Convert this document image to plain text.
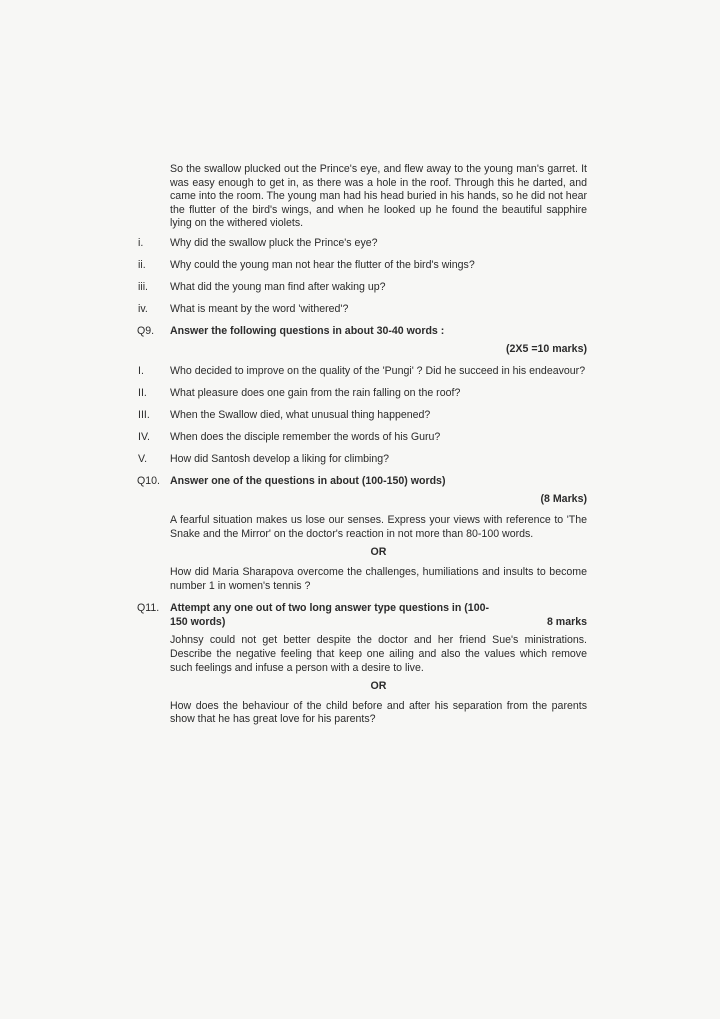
So the swallow plucked out the Prince's eye, and flew away to the young man's garret. It was easy enough to get in, as there was a hole in the roof. Through this he darted, and came into the room. The young man had his head buried in his hands, so he did not hear the flutter of the bird's wings, and when he looked up he found the beautiful sapphire lying on the withered violets.

i.	Why did the swallow pluck the Prince's eye?
ii.	Why could the young man not hear the flutter of the bird's wings?
iii.	What did the young man find after waking up?
iv.	What is meant by the word 'withered'?
Q9.	Answer the following questions in about 30-40 words :
(2X5 =10 marks)
I.	Who decided to improve on the quality of the 'Pungi' ? Did he succeed in his endeavour?
II.	What pleasure does one gain from the rain falling on the roof?
III.	When the Swallow died, what unusual thing happened?
IV.	When does the disciple remember the words of his Guru?
V.	How did Santosh develop a liking for climbing?
Q10. Answer one of the questions in about (100-150) words)
(8 Marks)

A fearful situation makes us lose our senses. Express your views with reference to 'The Snake and the Mirror' on the doctor's reaction in not more than 80-100 words.

OR

How did Maria Sharapova overcome the challenges, humiliations and insults to become number 1 in women's tennis ?

Q11.	Attempt any one out of two long answer type questions in (100-
150 words)	8 marks

Johnsy could not get better despite the doctor and her friend Sue's ministrations. Describe the negative feeling that keep one ailing and also the values which remove such feelings and infuse a person with a desire to live.

OR

How does the behaviour of the child before and after his separation from the parents show that he has great love for his parents?
